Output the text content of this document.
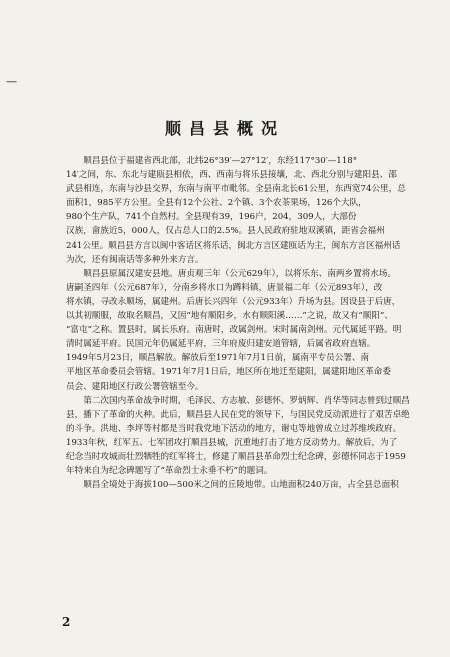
—
顺昌县概况
顺昌县位于福建省西北部，北纬26°39′—27°12′，东经117°30′—118°
14′之间，东、东北与建瓯县相依，西、西南与将乐县接壤，北、西北分别与建阳县、邵
武县相连，东南与沙县交界，东南与南平市毗邻。全县南北长61公里，东西宽74公里，总
面积1，985平方公里。全县有12个公社、2个镇、3个农茶果场，126个大队，
980个生产队，741个自然村。全县现有39，196户，204，309人，大部份
汉族，畲族近5，000人，仅占总人口的2.5%。县人民政府驻地双溪镇，距省会福州
241公里。顺昌县方言以闽中客话区将乐话，闽北方言区建瓯话为主，闽东方言区福州话
为次，还有闽南话等多种外来方言。
顺昌县原属汉建安县地。唐贞观三年（公元629年），以将乐东、南两乡置将水场。
唐嗣圣四年（公元687年），分南乡将水口为蹲料镇，唐景福二年（公元893年），改
将水镇，寻改永顺场，属建州。后唐长兴四年（公元933年）升场为县。因设县于后唐，
以其初顺服，故取名顺昌，又因“地有顺阳乡，水有顺阳溪……”之说，故又有“顺阳”、
“富屯”之称。置县时，属长乐府。南唐时，改属剑州。宋时属南剑州。元代属延平路。明
清时属延平府。民国元年仍属延平府，三年府废归建安道管辖，后属省政府直辖。
1949年5月23日，顺昌解放。解放后至1971年7月1日前，属南平专员公署、南
平地区革命委员会管辖。1971年7月1日后，地区所在地迁至建阳，属建阳地区革命委
员会、建阳地区行政公署管辖至今。
第二次国内革命战争时期，毛泽民、方志敏、彭德怀、罗炳辉、肖华等同志曾到过顺昌
县，播下了革命的火种。此后，顺昌县人民在党的领导下，与国民党反动派进行了艰苦卓绝
的斗争。洪地、李坪等村都是当时我党地下活动的地方，谢屯等地曾成立过苏维埃政府。
1933年秋，红军五、七军团攻打顺昌县城，沉重地打击了地方反动势力。解放后，为了
纪念当时攻城而壮烈牺牲的红军将士，修建了顺昌县革命烈士纪念碑，彭德怀同志于1959
年特来自为纪念碑题写了“革命烈士永垂不朽”的题词。
顺昌全境处于海拔100—500米之间的丘陵地带。山地面积240万亩，占全县总面积
2
